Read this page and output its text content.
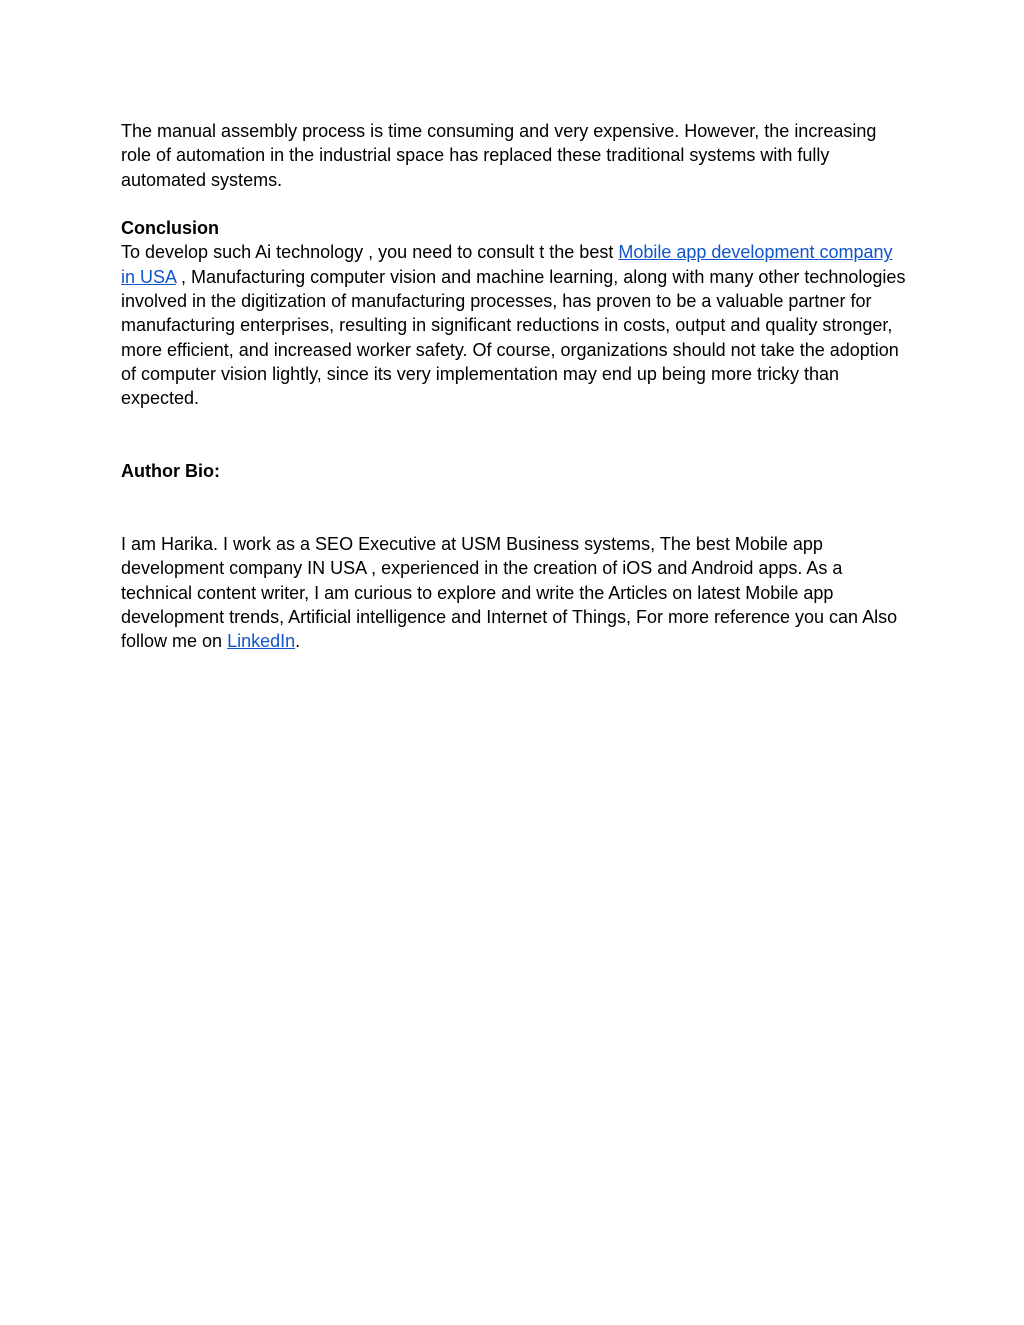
The manual assembly process is time consuming and very expensive. However, the increasing role of automation in the industrial space has replaced these traditional systems with fully automated systems.

Conclusion

To develop such Ai technology , you need to consult t the best Mobile app development company in USA , Manufacturing computer vision and machine learning, along with many other technologies involved in the digitization of manufacturing processes, has proven to be a valuable partner for manufacturing enterprises, resulting in significant reductions in costs, output and quality stronger, more efficient, and increased worker safety. Of course, organizations should not take the adoption of computer vision lightly, since its very implementation may end up being more tricky than expected.

Author Bio:

I am Harika. I work as a SEO Executive at USM Business systems, The best Mobile app development company IN USA , experienced in the creation of iOS and Android apps. As a technical content writer, I am curious to explore and write the Articles on latest Mobile app development trends, Artificial intelligence and Internet of Things, For more reference you can Also follow me on LinkedIn.
